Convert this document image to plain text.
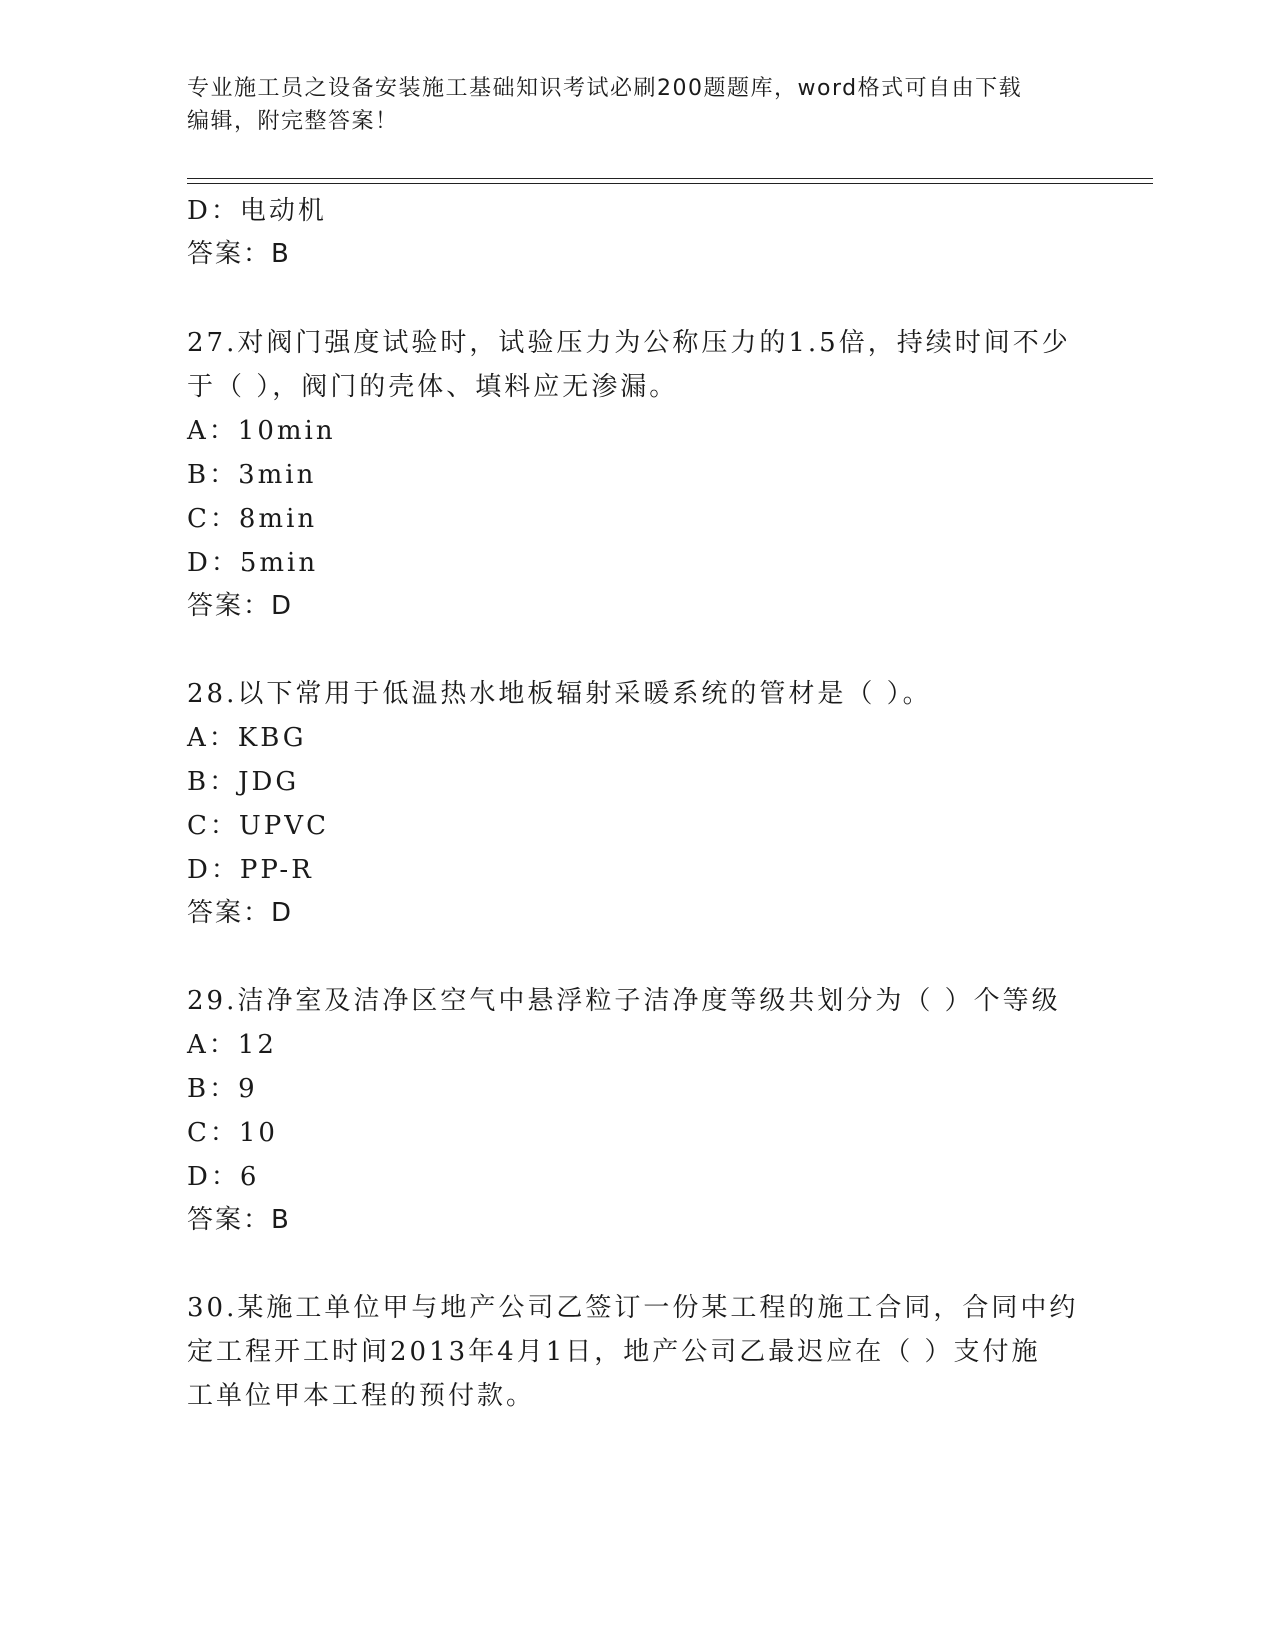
专业施工员之设备安装施工基础知识考试必刷200题题库，word格式可自由下载
编辑，附完整答案！
D：电动机
答案：B
27.对阀门强度试验时，试验压力为公称压力的1.5倍，持续时间不少
于（ ），阀门的壳体、填料应无渗漏。
A：10min
B：3min
C：8min
D：5min
答案：D
28.以下常用于低温热水地板辐射采暖系统的管材是（ ）。
A：KBG
B：JDG
C：UPVC
D：PP-R
答案：D
29.洁净室及洁净区空气中悬浮粒子洁净度等级共划分为（ ）个等级
A：12
B：9
C：10
D：6
答案：B
30.某施工单位甲与地产公司乙签订一份某工程的施工合同，合同中约
定工程开工时间2013年4月1日，地产公司乙最迟应在（ ）支付施
工单位甲本工程的预付款。
